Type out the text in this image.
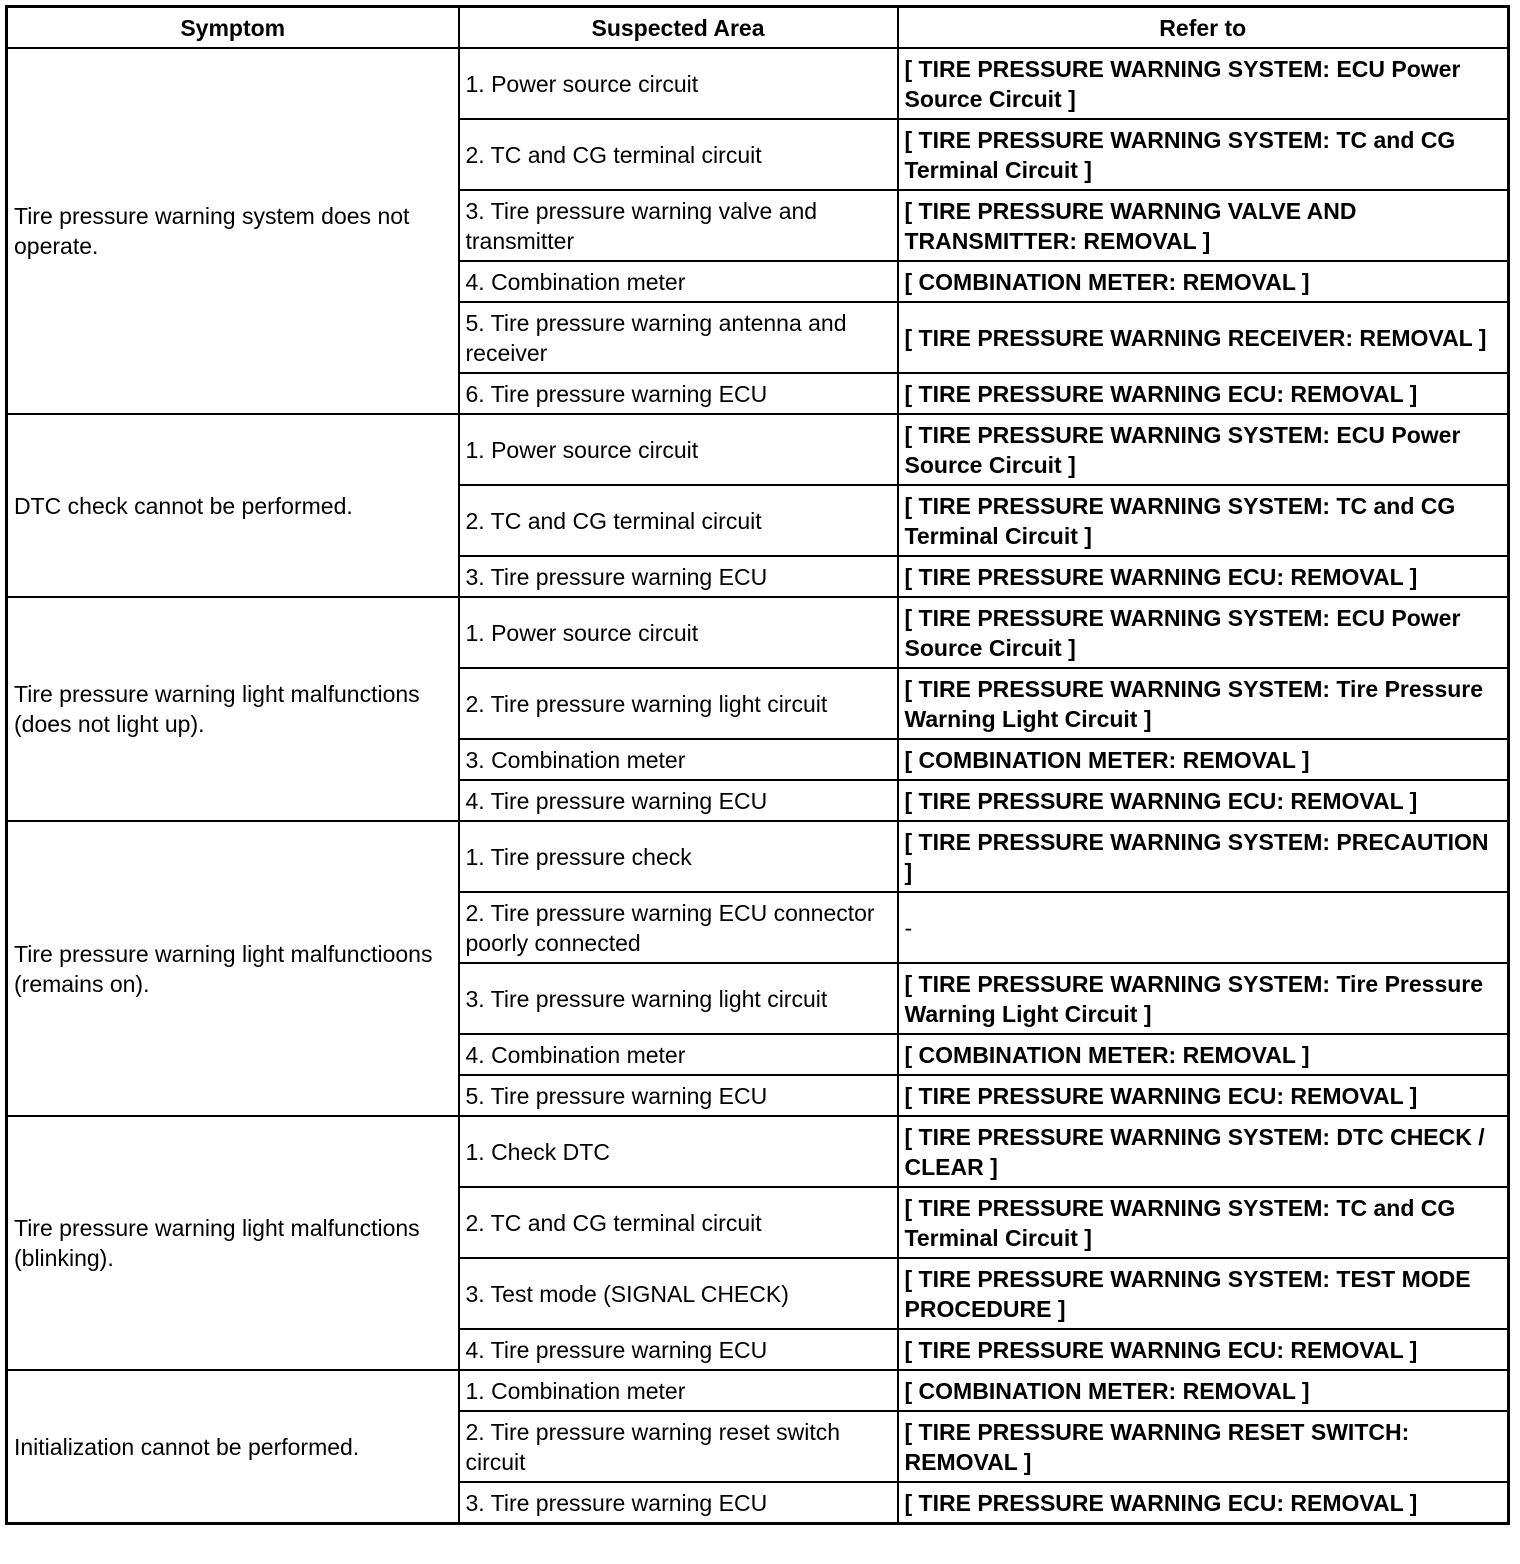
Symptom	Suspected Area	Refer to
Tire pressure warning system does not operate.	1. Power source circuit	[ TIRE PRESSURE WARNING SYSTEM: ECU Power Source Circuit ]
	2. TC and CG terminal circuit	[ TIRE PRESSURE WARNING SYSTEM: TC and CG Terminal Circuit ]
	3. Tire pressure warning valve and transmitter	[ TIRE PRESSURE WARNING VALVE AND TRANSMITTER: REMOVAL ]
	4. Combination meter	[ COMBINATION METER: REMOVAL ]
	5. Tire pressure warning antenna and receiver	[ TIRE PRESSURE WARNING RECEIVER: REMOVAL ]
	6. Tire pressure warning ECU	[ TIRE PRESSURE WARNING ECU: REMOVAL ]
DTC check cannot be performed.	1. Power source circuit	[ TIRE PRESSURE WARNING SYSTEM: ECU Power Source Circuit ]
	2. TC and CG terminal circuit	[ TIRE PRESSURE WARNING SYSTEM: TC and CG Terminal Circuit ]
	3. Tire pressure warning ECU	[ TIRE PRESSURE WARNING ECU: REMOVAL ]
Tire pressure warning light malfunctions (does not light up).	1. Power source circuit	[ TIRE PRESSURE WARNING SYSTEM: ECU Power Source Circuit ]
	2. Tire pressure warning light circuit	[ TIRE PRESSURE WARNING SYSTEM: Tire Pressure Warning Light Circuit ]
	3. Combination meter	[ COMBINATION METER: REMOVAL ]
	4. Tire pressure warning ECU	[ TIRE PRESSURE WARNING ECU: REMOVAL ]
Tire pressure warning light malfunctioons (remains on).	1. Tire pressure check	[ TIRE PRESSURE WARNING SYSTEM: PRECAUTION ]
	2. Tire pressure warning ECU connector poorly connected	-
	3. Tire pressure warning light circuit	[ TIRE PRESSURE WARNING SYSTEM: Tire Pressure Warning Light Circuit ]
	4. Combination meter	[ COMBINATION METER: REMOVAL ]
	5. Tire pressure warning ECU	[ TIRE PRESSURE WARNING ECU: REMOVAL ]
Tire pressure warning light malfunctions (blinking).	1. Check DTC	[ TIRE PRESSURE WARNING SYSTEM: DTC CHECK / CLEAR ]
	2. TC and CG terminal circuit	[ TIRE PRESSURE WARNING SYSTEM: TC and CG Terminal Circuit ]
	3. Test mode (SIGNAL CHECK)	[ TIRE PRESSURE WARNING SYSTEM: TEST MODE PROCEDURE ]
	4. Tire pressure warning ECU	[ TIRE PRESSURE WARNING ECU: REMOVAL ]
Initialization cannot be performed.	1. Combination meter	[ COMBINATION METER: REMOVAL ]
	2. Tire pressure warning reset switch circuit	[ TIRE PRESSURE WARNING RESET SWITCH: REMOVAL ]
	3. Tire pressure warning ECU	[ TIRE PRESSURE WARNING ECU: REMOVAL ]
